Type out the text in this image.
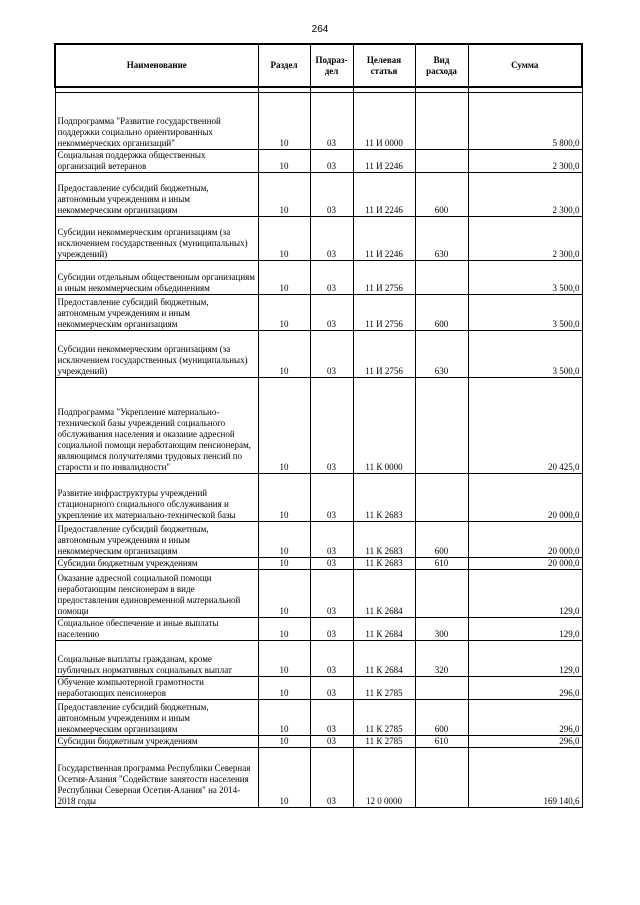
264
Наименование	Раздел	Подраз-дел	Целевая статья	Вид расхода	Сумма

Подпрограмма "Развитие государственной поддержки социально ориентированных некоммерческих организаций"	10	03	11 И 0000		5 800,0
Социальная поддержка общественных организаций ветеранов	10	03	11 И 2246		2 300,0
Предоставление субсидий бюджетным, автономным учреждениям и иным некоммерческим организациям	10	03	11 И 2246	600	2 300,0
Субсидии некоммерческим организациям (за исключением государственных (муниципальных) учреждений)	10	03	11 И 2246	630	2 300,0
Субсидии отдельным общественным организациям и иным некоммерческим объединениям	10	03	11 И 2756		3 500,0
Предоставление субсидий бюджетным, автономным учреждениям и иным некоммерческим организациям	10	03	11 И 2756	600	3 500,0
Субсидии некоммерческим организациям (за исключением государственных (муниципальных) учреждений)	10	03	11 И 2756	630	3 500,0
Подпрограмма "Укрепление материально-технической базы учреждений социального обслуживания населения и оказание адресной социальной помощи неработающим пенсионерам, являющимся получателями трудовых пенсий по старости и по инвалидности"	10	03	11 К 0000		20 425,0
Развитие инфраструктуры учреждений стационарного социального обслуживания и укрепление их материально-технической базы	10	03	11 К 2683		20 000,0
Предоставление субсидий бюджетным, автономным учреждениям и иным некоммерческим организациям	10	03	11 К 2683	600	20 000,0
Субсидии бюджетным учреждениям	10	03	11 К 2683	610	20 000,0
Оказание адресной социальной помощи неработающим пенсионерам в виде предоставления единовременной материальной помощи	10	03	11 К 2684		129,0
Социальное обеспечение и иные выплаты населению	10	03	11 К 2684	300	129,0
Социальные выплаты гражданам, кроме публичных нормативных социальных выплат	10	03	11 К 2684	320	129,0
Обучение компьютерной грамотности неработающих пенсионеров	10	03	11 К 2785		296,0
Предоставление субсидий бюджетным, автономным учреждениям и иным некоммерческим организациям	10	03	11 К 2785	600	296,0
Субсидии бюджетным учреждениям	10	03	11 К 2785	610	296,0
Государственная программа Республики Северная Осетия-Алания "Содействие занятости населения Республики Северная Осетия-Алания" на 2014-2018 годы	10	03	12 0 0000		169 140,6
